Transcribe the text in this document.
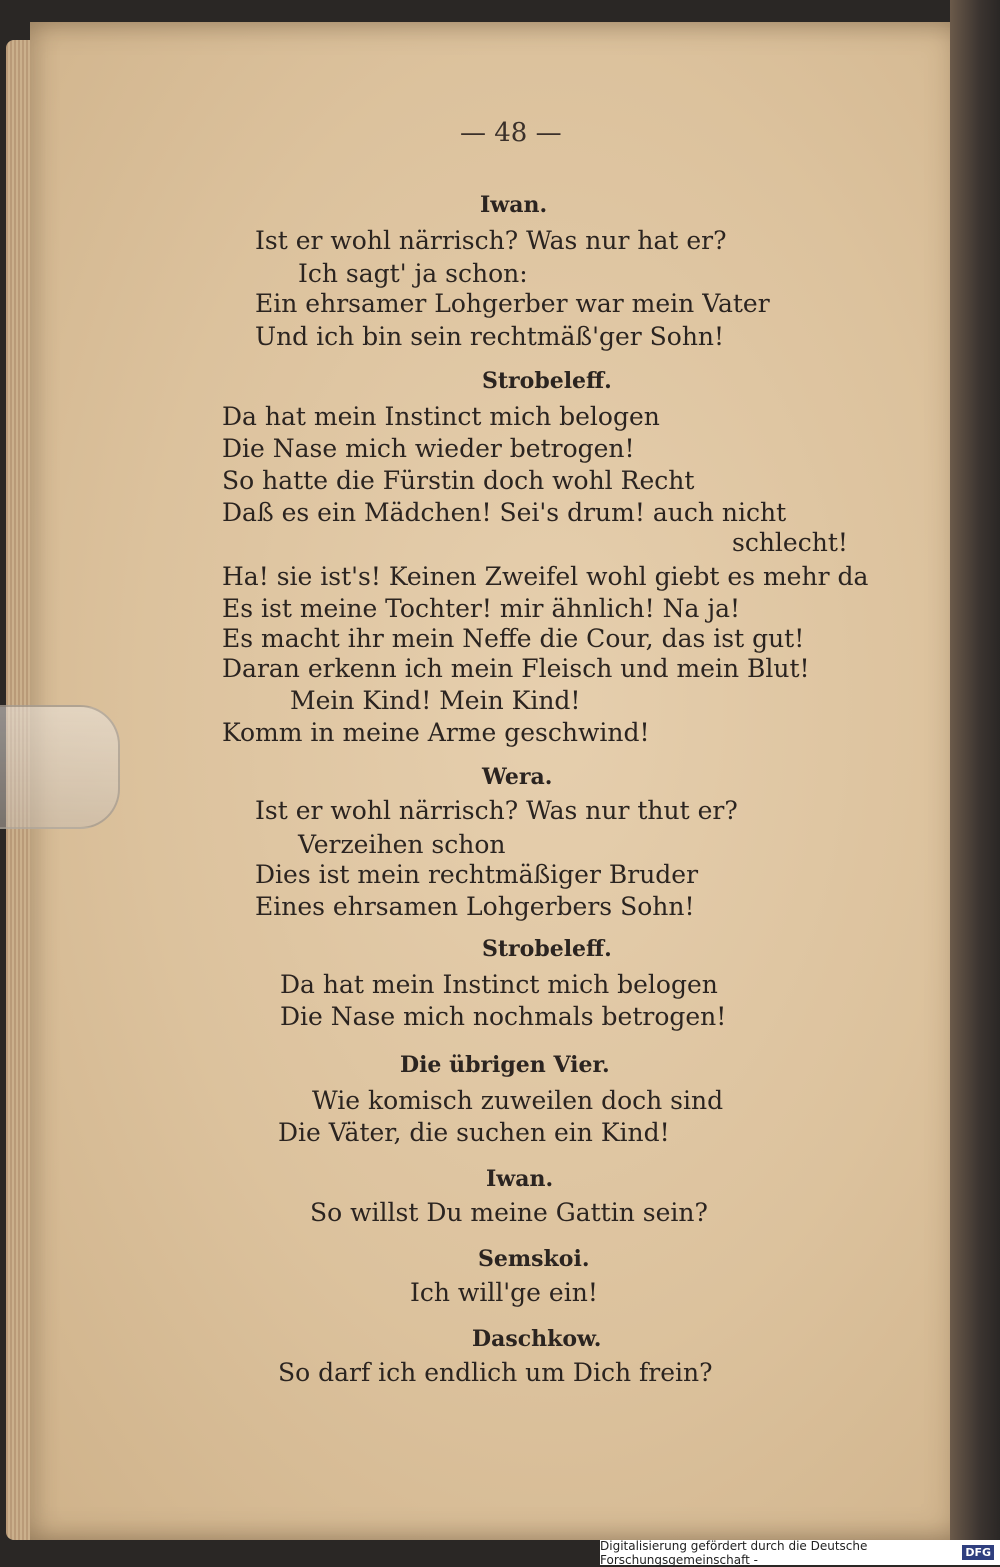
— 48 —
Iwan.
Ist er wohl närrisch? Was nur hat er?
Ich sagt' ja schon:
Ein ehrsamer Lohgerber war mein Vater
Und ich bin sein rechtmäß'ger Sohn!
Strobeleff.
Da hat mein Instinct mich belogen
Die Nase mich wieder betrogen!
So hatte die Fürstin doch wohl Recht
Daß es ein Mädchen! Sei's drum! auch nicht
schlecht!
Ha! sie ist's! Keinen Zweifel wohl giebt es mehr da
Es ist meine Tochter! mir ähnlich! Na ja!
Es macht ihr mein Neffe die Cour, das ist gut!
Daran erkenn ich mein Fleisch und mein Blut!
Mein Kind! Mein Kind!
Komm in meine Arme geschwind!
Wera.
Ist er wohl närrisch? Was nur thut er?
Verzeihen schon
Dies ist mein rechtmäßiger Bruder
Eines ehrsamen Lohgerbers Sohn!
Strobeleff.
Da hat mein Instinct mich belogen
Die Nase mich nochmals betrogen!
Die übrigen Vier.
Wie komisch zuweilen doch sind
Die Väter, die suchen ein Kind!
Iwan.
So willst Du meine Gattin sein?
Semskoi.
Ich will'ge ein!
Daschkow.
So darf ich endlich um Dich frein?
Digitalisierung gefördert durch die Deutsche Forschungsgemeinschaft -	DFG
